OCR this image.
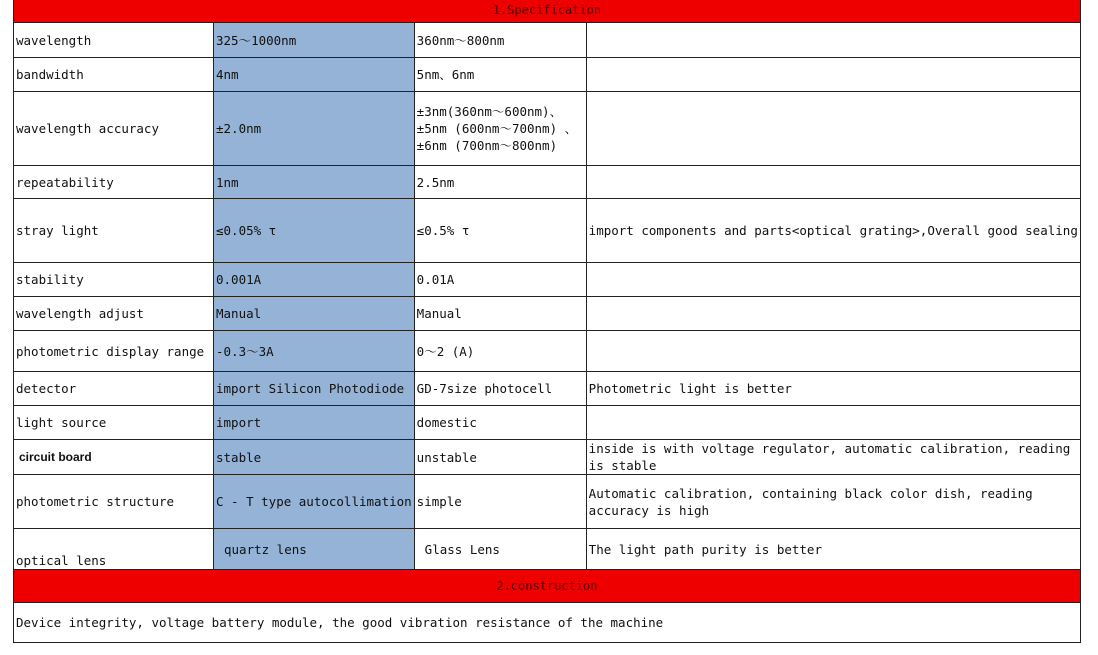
1.Specification			
wavelength	325～1000nm	360nm～800nm	
bandwidth	4nm	5nm、6nm	
wavelength accuracy	±2.0nm	±3nm(360nm～600nm)、±5nm (600nm～700nm) 、±6nm (700nm～800nm)	
repeatability	1nm	2.5nm	
stray light	≤0.05% τ	≤0.5% τ	import components and parts<optical grating>,Overall good sealing
stability	0.001A	0.01A	
wavelength adjust	Manual	Manual	
photometric display range	-0.3～3A	0～2 (A)	
detector	import Silicon Photodiode	GD-7size photocell	Photometric light is better
light source	import	domestic	
circuit board	stable	unstable	inside is with voltage regulator, automatic calibration, reading is stable
photometric structure	C - T type autocollimation	simple	Automatic calibration, containing black color dish, reading accuracy is high
optical lens	quartz lens	Glass Lens	The light path purity is better
2.construction			
Device integrity, voltage battery module, the good vibration resistance of the machine			
